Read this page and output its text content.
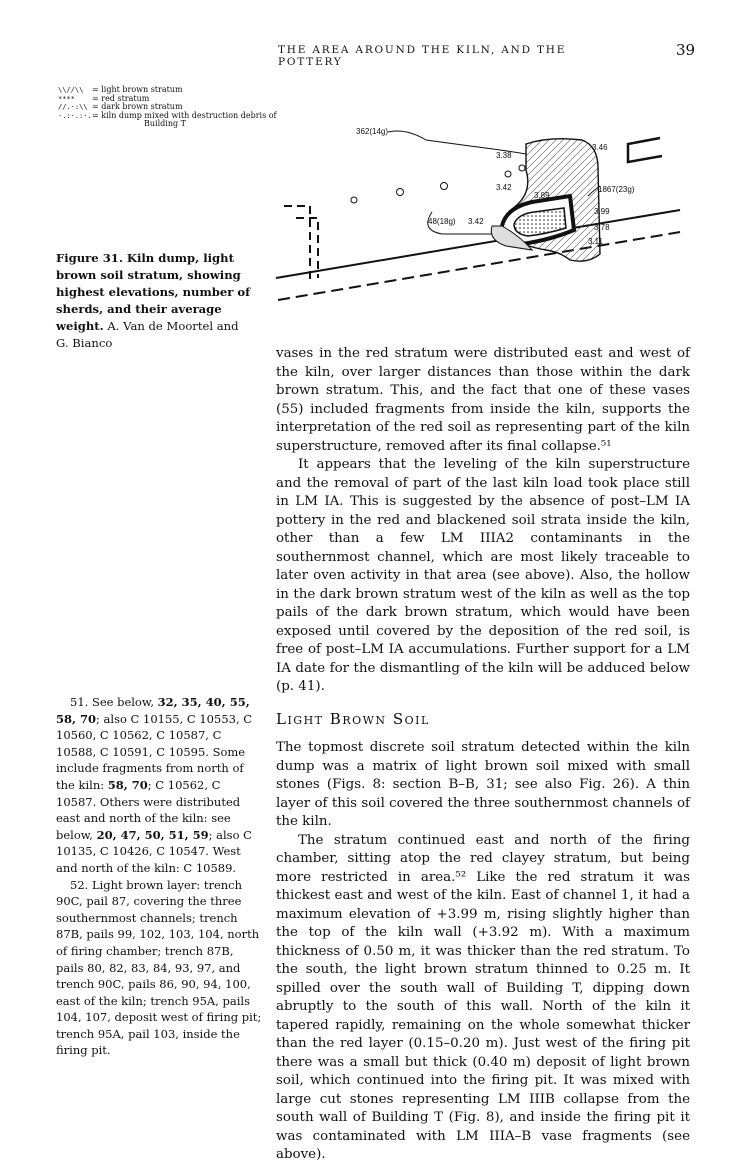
THE AREA AROUND THE KILN, AND THE POTTERY
39
\\//\\	= light brown stratum
****	= red stratum
//.·:\\ = dark brown stratum
·.:·.:·. = kiln dump mixed with destruction debris of
Building T
362(14g)
3.38
3.46
3.42
3.89
1867(23g)
3.99
3.78
3.11
48(18g) 3.42
Figure 31. Kiln dump, light brown soil stratum, showing highest elevations, number of sherds, and their average weight. A. Van de Moortel and G. Bianco

vases in the red stratum were distributed east and west of the kiln, over larger distances than those within the dark brown stratum. This, and the fact that one of these vases (55) included fragments from inside the kiln, supports the interpretation of the red soil as representing part of the kiln superstructure, removed after its final collapse.⁵¹

It appears that the leveling of the kiln superstructure and the removal of part of the last kiln load took place still in LM IA. This is suggested by the absence of post–LM IA pottery in the red and blackened soil strata inside the kiln, other than a few LM IIIA2 contaminants in the southernmost channel, which are most likely traceable to later oven activity in that area (see above). Also, the hollow in the dark brown stratum west of the kiln as well as the top pails of the dark brown stratum, which would have been exposed until covered by the deposition of the red soil, is free of post–LM IA accumulations. Further support for a LM IA date for the dismantling of the kiln will be adduced below (p. 41).

Light Brown Soil

The topmost discrete soil stratum detected within the kiln dump was a matrix of light brown soil mixed with small stones (Figs. 8: section B–B, 31; see also Fig. 26). A thin layer of this soil covered the three southernmost channels of the kiln.

The stratum continued east and north of the firing chamber, sitting atop the red clayey stratum, but being more restricted in area.⁵² Like the red stratum it was thickest east and west of the kiln. East of channel 1, it had a maximum elevation of +3.99 m, rising slightly higher than the top of the kiln wall (+3.92 m). With a maximum thickness of 0.50 m, it was thicker than the red stratum. To the south, the light brown stratum thinned to 0.25 m. It spilled over the south wall of Building T, dipping down abruptly to the south of this wall. North of the kiln it tapered rapidly, remaining on the whole somewhat thicker than the red layer (0.15–0.20 m). Just west of the firing pit there was a small but thick (0.40 m) deposit of light brown soil, which continued into the firing pit. It was mixed with large cut stones representing LM IIIB collapse from the south wall of Building T (Fig. 8), and inside the firing pit it was contaminated with LM IIIA–B vase fragments (see above).

51. See below, 32, 35, 40, 55, 58, 70; also C 10155, C 10553, C 10560, C 10562, C 10587, C 10588, C 10591, C 10595. Some include fragments from north of the kiln: 58, 70; C 10562, C 10587. Others were distributed east and north of the kiln: see below, 20, 47, 50, 51, 59; also C 10135, C 10426, C 10547. West and north of the kiln: C 10589.

52. Light brown layer: trench 90C, pail 87, covering the three southernmost channels; trench 87B, pails 99, 102, 103, 104, north of firing chamber; trench 87B, pails 80, 82, 83, 84, 93, 97, and trench 90C, pails 86, 90, 94, 100, east of the kiln; trench 95A, pails 104, 107, deposit west of firing pit; trench 95A, pail 103, inside the firing pit.
